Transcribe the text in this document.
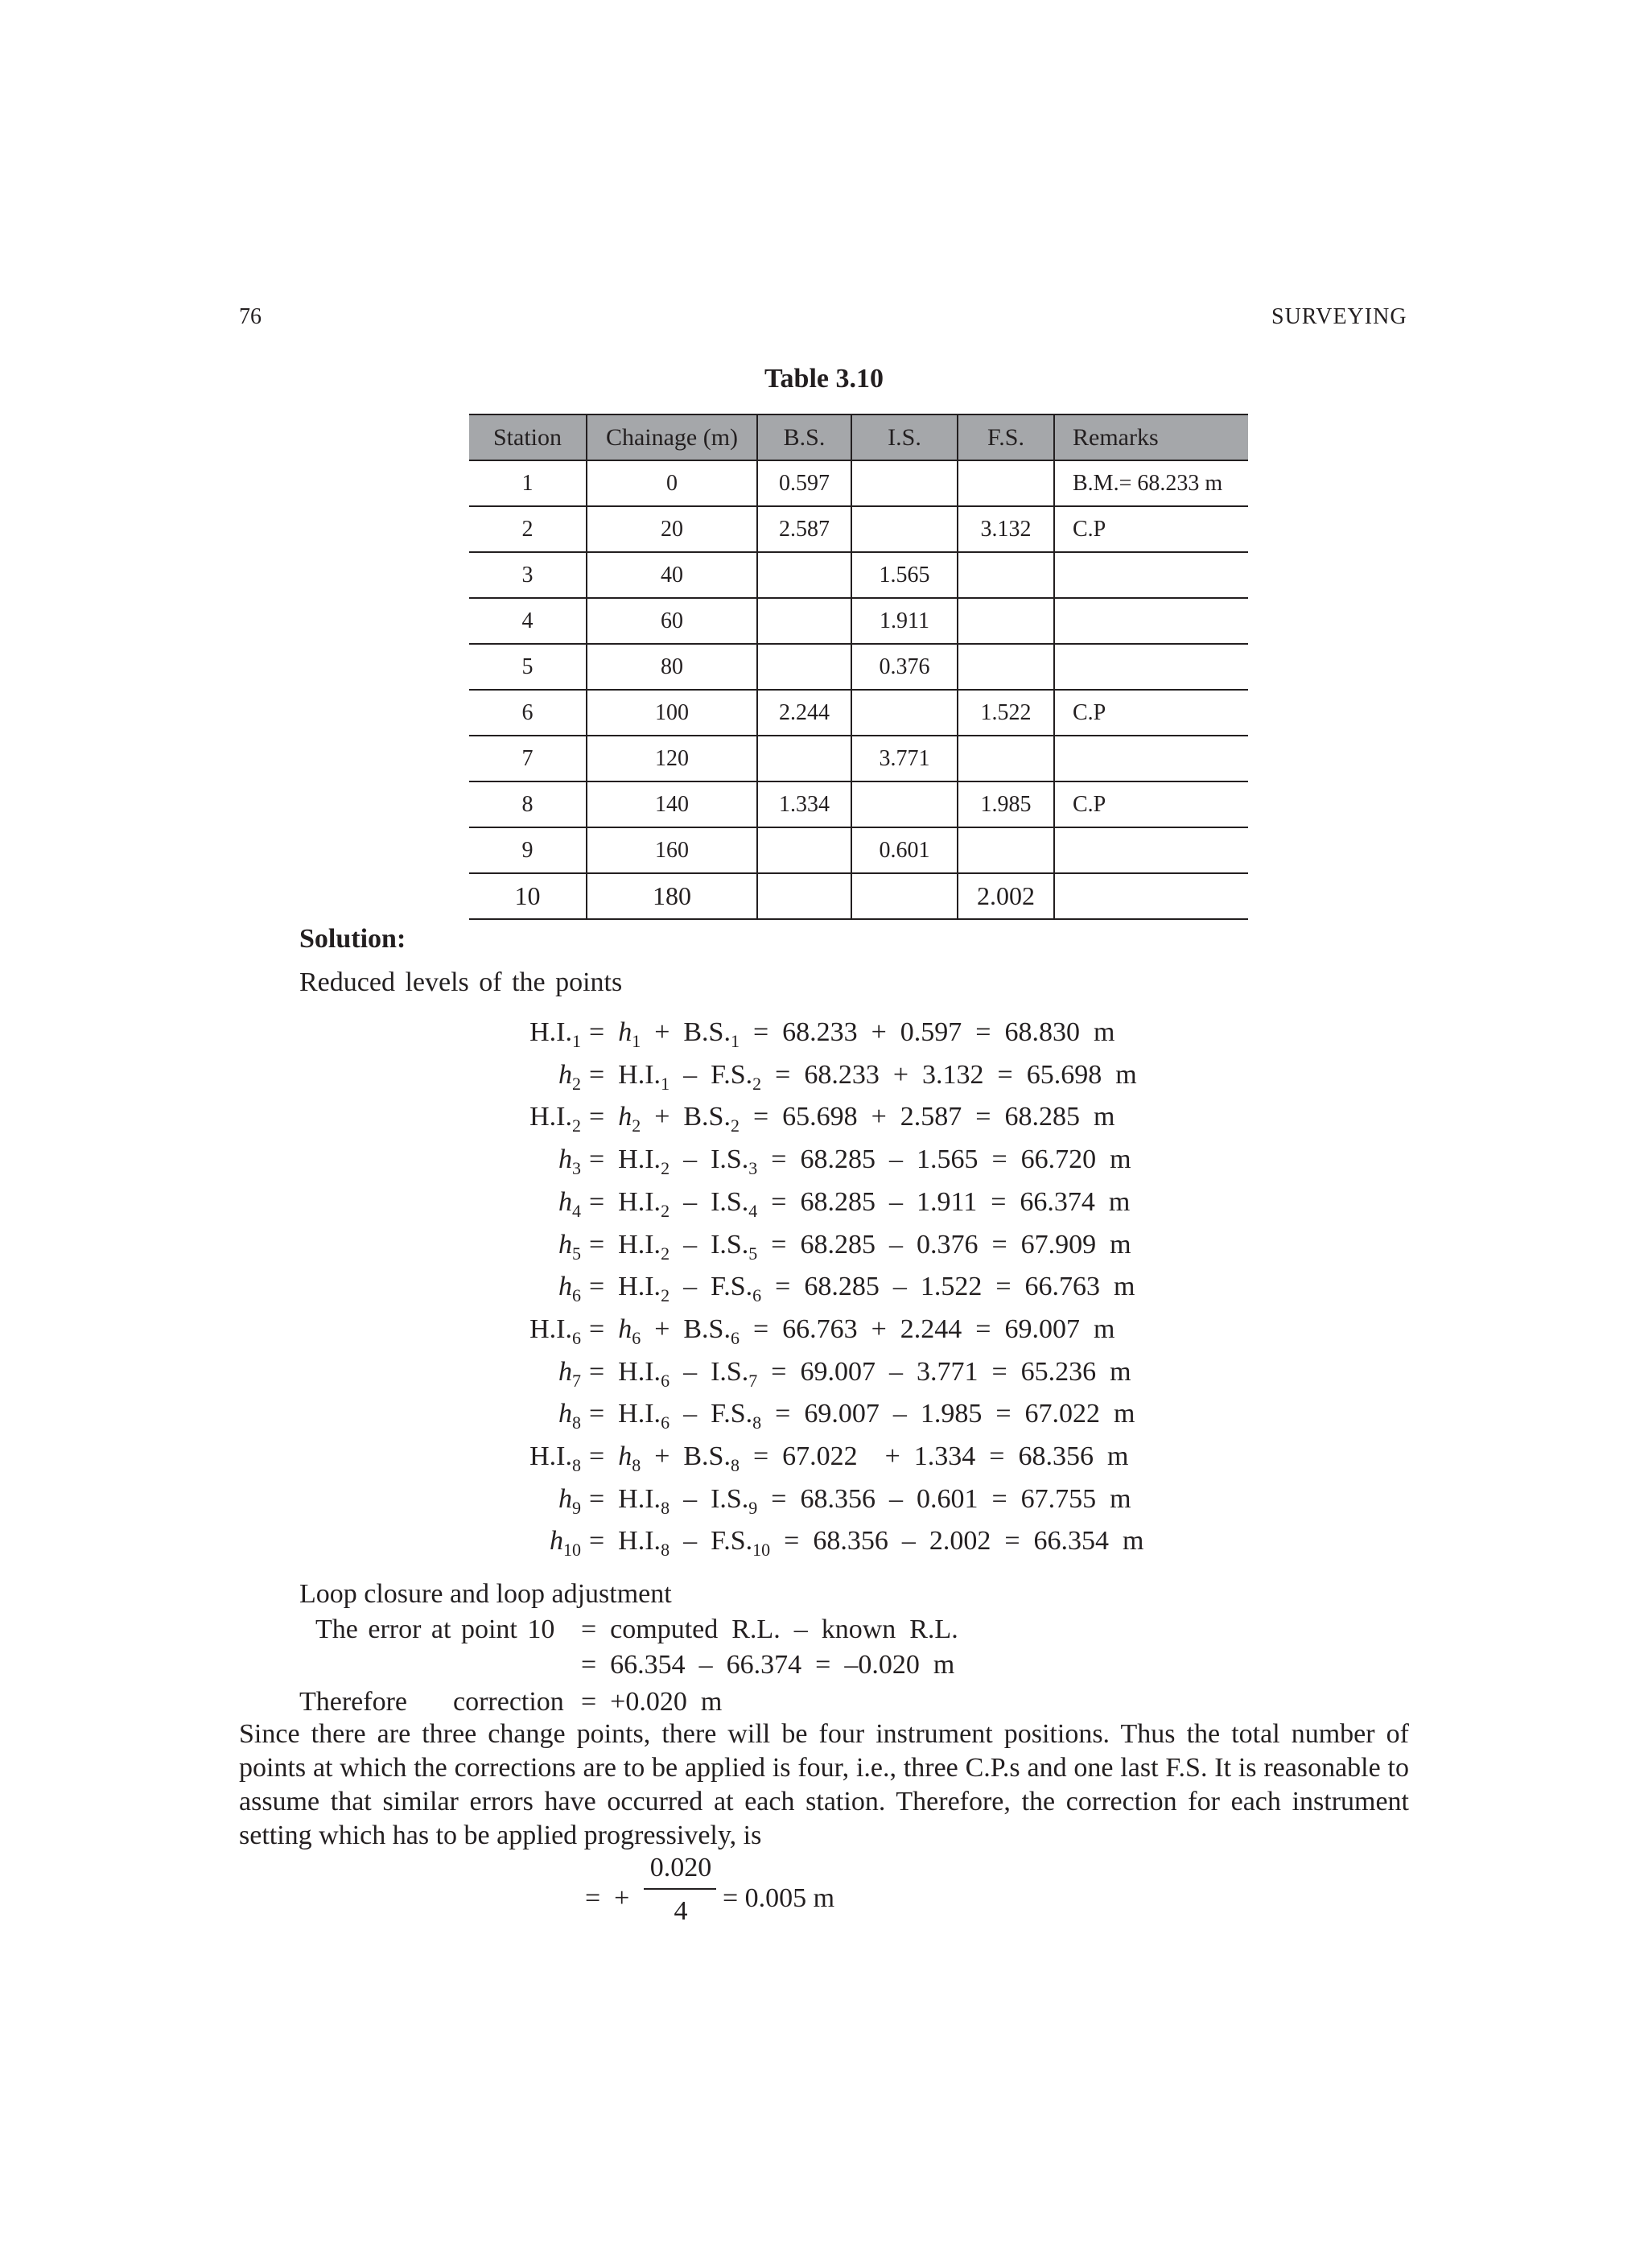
76	SURVEYING
Table 3.10
Station	Chainage (m)	B.S.	I.S.	F.S.	Remarks
1	0	0.597			B.M.= 68.233 m
2	20	2.587		3.132	C.P
3	40		1.565		
4	60		1.911		
5	80		0.376		
6	100	2.244		1.522	C.P
7	120		3.771		
8	140	1.334		1.985	C.P
9	160		0.601		
10	180			2.002	
Solution:
Reduced levels of the points
$H.I._1 = h_1 + B.S._1 = 68.233 + 0.597 = 68.830$  m
$h_2 = H.I._1 - F.S._2 = 68.233 + 3.132 = 65.698$  m
$H.I._2 = h_2 + B.S._2 = 65.698 + 2.587 = 68.285$  m
$h_3 = H.I._2 - I.S._3 = 68.285 - 1.565 = 66.720$  m
$h_4 = H.I._2 - I.S._4 = 68.285 - 1.911 = 66.374$  m
$h_5 = H.I._2 - I.S._5 = 68.285 - 0.376 = 67.909$  m
$h_6 = H.I._2 - F.S._6 = 68.285 - 1.522 = 66.763$  m
$H.I._6 = h_6 + B.S._6 = 66.763 + 2.244 = 69.007$  m
$h_7 = H.I._6 - I.S._7 = 69.007 - 3.771 = 65.236$  m
$h_8 = H.I._6 - F.S._8 = 69.007 - 1.985 = 67.022$  m
$H.I._8 = h_8 + B.S._8 = 67.022$    +  1.334  =  68.356  m
$h_9 = H.I._8 - I.S._9 = 68.356 - 0.601 = 67.755$  m
$h_{10} = H.I._8 - F.S._{10} = 68.356 - 2.002 = 66.354$  m
Loop closure and loop adjustment
The error at point 10 =  computed  R.L.  –  known  R.L.
=  66.354  –  66.374  =  –0.020  m
Therefore correction =  +0.020  m
Since there are three change points, there will be four instrument positions. Thus the total number of points at which the corrections are to be applied is four, i.e., three C.P.s and one last F.S. It is reasonable to assume that similar errors have occurred at each station. Therefore, the correction for each instrument setting which has to be applied progressively, is
=  +
0.020
4	= 0.005 m
